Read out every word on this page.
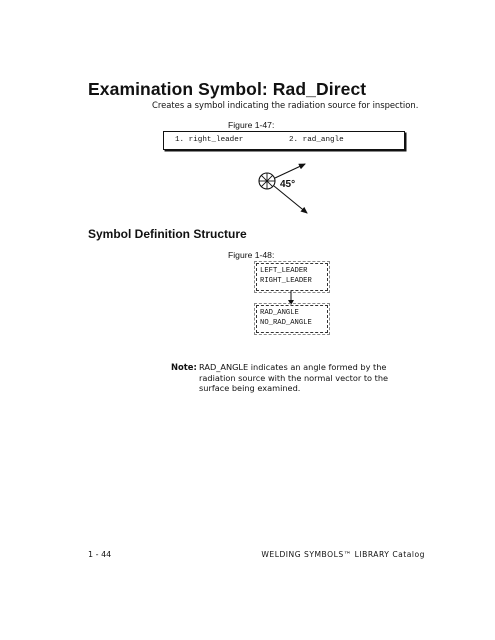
Examination Symbol: Rad_Direct
Creates a symbol indicating the radiation source for inspection.
Figure 1-47:
1. right_leader	2. rad_angle
45°
Symbol Definition Structure
Figure 1-48:
LEFT_LEADER
RIGHT_LEADER
RAD_ANGLE
NO_RAD_ANGLE
Note: RAD_ANGLE indicates an angle formed by the radiation source with the normal vector to the surface being examined.
1 - 44	WELDING SYMBOLS™ LIBRARY Catalog
